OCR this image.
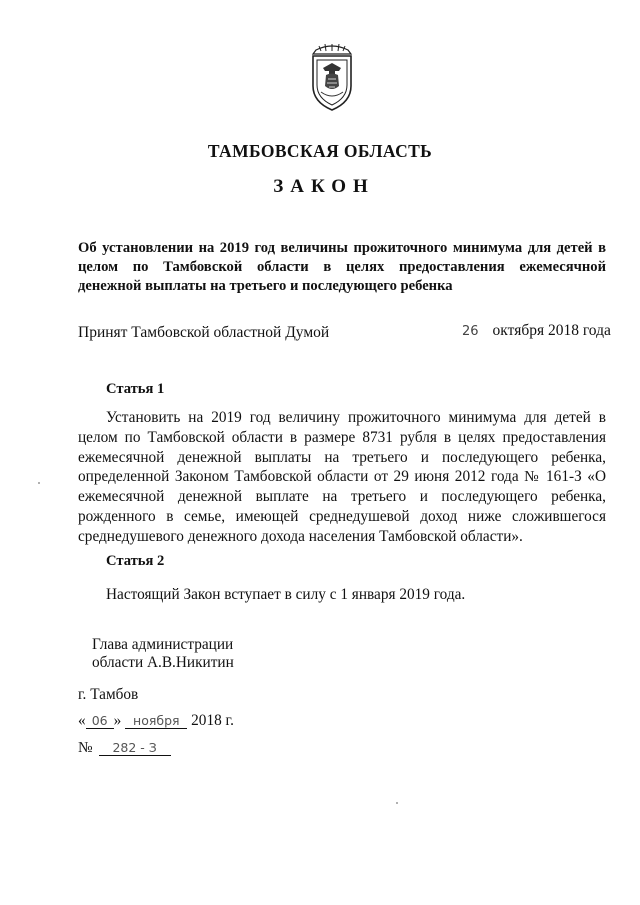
ТАМБОВСКАЯ ОБЛАСТЬ
ЗАКОН
Об установлении на 2019 год величины прожиточного минимума для детей в
целом по Тамбовской области в целях предоставления ежемесячной
денежной выплаты на третьего и последующего ребенка
Принят Тамбовской областной Думой	26 октября 2018 года
Статья 1
Установить на 2019 год величину прожиточного минимума для детей в
целом по Тамбовской области в размере 8731 рубля в целях предоставления
ежемесячной денежной выплаты на третьего и последующего ребенка,
определенной Законом Тамбовской области от 29 июня 2012 года № 161-З «О
ежемесячной денежной выплате на третьего и последующего ребенка,
рожденного в семье, имеющей среднедушевой доход ниже сложившегося
среднедушевого денежного дохода населения Тамбовской области».
Статья 2
Настоящий Закон вступает в силу с 1 января 2019 года.
Глава администрации
области А.В.Никитин
г. Тамбов
« 06 » ноября 2018 г.
№ 282 - З
